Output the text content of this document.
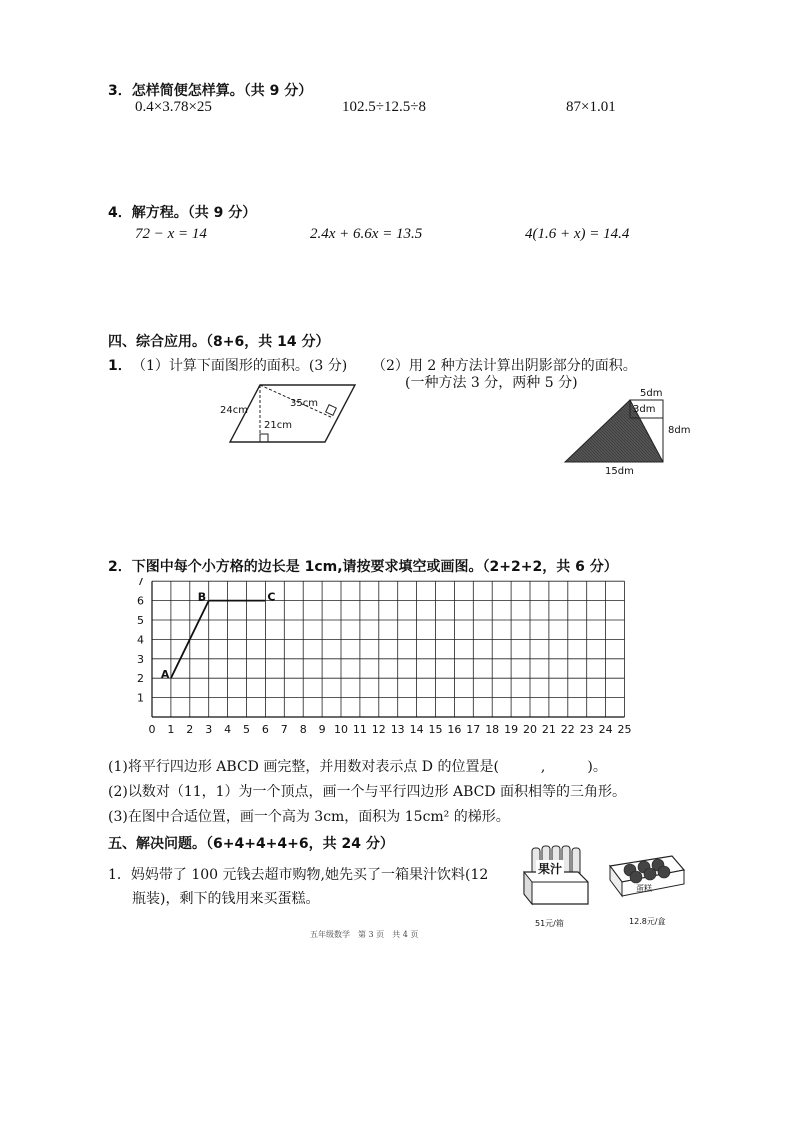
3．怎样简便怎样算。（共 9 分）
0.4×3.78×25	102.5÷12.5÷8	87×1.01
4．解方程。（共 9 分）
72 − x = 14	2.4x + 6.6x = 13.5	4(1.6 + x) = 14.4
四、综合应用。（8+6，共 14 分）
1． （1）计算下面图形的面积。(3 分) （2）用 2 种方法计算出阴影部分的面积。
(一种方法 3 分，两种 5 分)
24cm
35cm
21cm
5dm
3dm
8dm
15dm
2．下图中每个小方格的边长是 1cm,请按要求填空或画图。（2+2+2，共 6 分）
0 1 2 3 4 5 6 7 8 9 10 11 12 13 14 15 16 17 18 19 20 21 22 23 24 25
1
2
3
4
5
6
7
A
B	C
(1)将平行四边形 ABCD 画完整，并用数对表示点 D 的位置是(　　　,　　　)。
(2)以数对（11，1）为一个顶点，画一个与平行四边形 ABCD 面积相等的三角形。
(3)在图中合适位置，画一个高为 3cm，面积为 15cm² 的梯形。
五、解决问题。（6+4+4+4+6，共 24 分）
1．妈妈带了 100 元钱去超市购物,她先买了一箱果汁饮料(12
瓶装)，剩下的钱用来买蛋糕。
果汁
51元/箱
蛋糕
12.8元/盒
五年级数学　第 3 页　共 4 页
